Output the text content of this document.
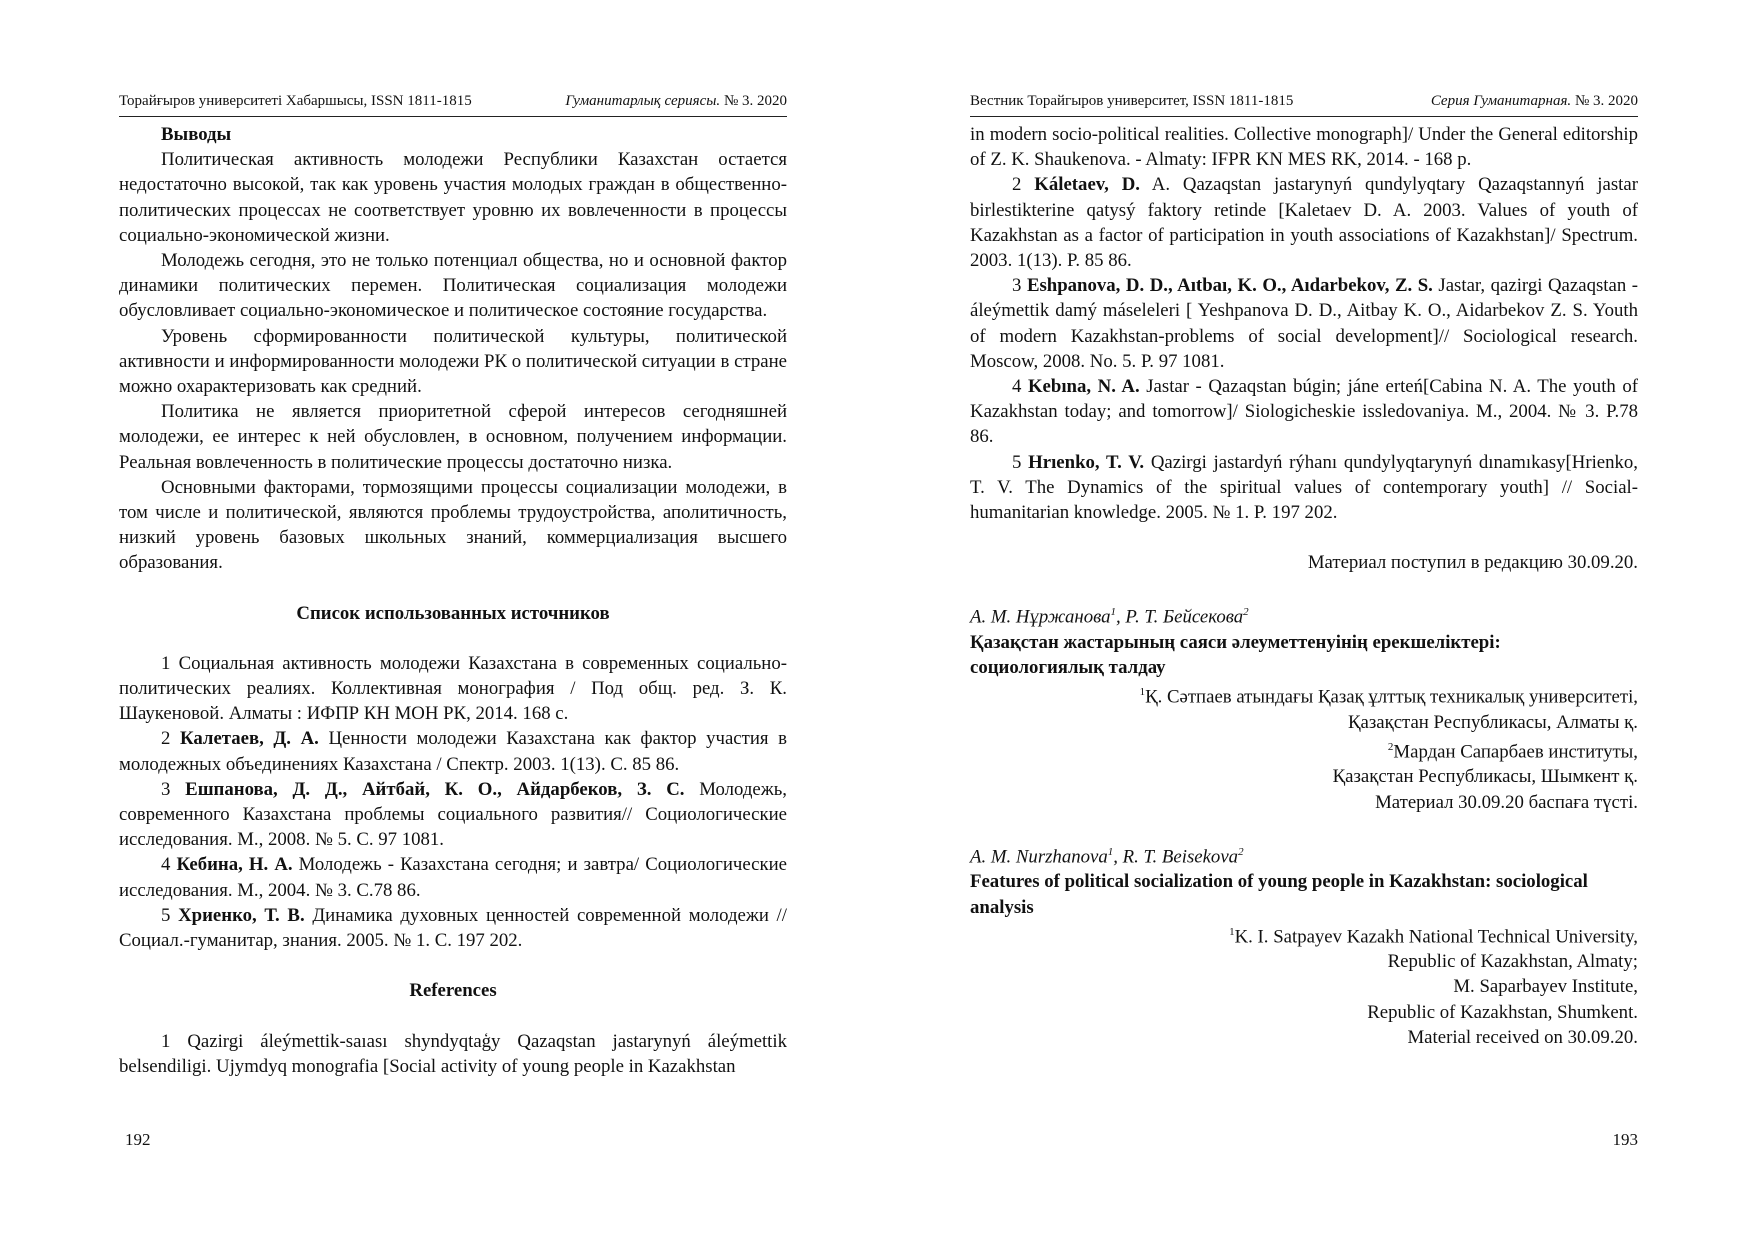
Торайғыров университеті Хабаршысы, ISSN 1811-1815	Гуманитарлық сериясы. № 3. 2020

Выводы

Политическая активность молодежи Республики Казахстан остается недостаточно высокой, так как уровень участия молодых граждан в общественно-политических процессах не соответствует уровню их вовлеченности в процессы социально-экономической жизни.

Молодежь сегодня, это не только потенциал общества, но и основной фактор динамики политических перемен. Политическая социализация молодежи обусловливает социально-экономическое и политическое состояние государства.

Уровень сформированности политической культуры, политической активности и информированности молодежи РК о политической ситуации в стране можно охарактеризовать как средний.

Политика не является приоритетной сферой интересов сегодняшней молодежи, ее интерес к ней обусловлен, в основном, получением информации. Реальная вовлеченность в политические процессы достаточно низка.

Основными факторами, тормозящими процессы социализации молодежи, в том числе и политической, являются проблемы трудоустройства, аполитичность, низкий уровень базовых школьных знаний, коммерциализация высшего образования.

Список использованных источников

1 Социальная активность молодежи Казахстана в современных социально-политических реалиях. Коллективная монография / Под общ. ред. З. К. Шаукеновой. Алматы : ИФПР КН МОН РК, 2014. 168 с.

2 Калетаев, Д. А. Ценности молодежи Казахстана как фактор участия в молодежных объединениях Казахстана / Спектр. 2003. 1(13). С. 85 86.

3 Ешпанова, Д. Д., Айтбай, К. О., Айдарбеков, З. С. Молодежь, современного Казахстана проблемы социального развития// Социологические исследования. М., 2008. № 5. С. 97 1081.

4 Кебина, Н. А. Молодежь - Казахстана сегодня; и завтра/ Социологические исследования. М., 2004. № 3. С.78 86.

5 Хриенко, Т. В. Динамика духовных ценностей современной молодежи // Социал.-гуманитар, знания. 2005. № 1. С. 197 202.

References

1 Qazirgi áleýmettik-saıası shyndyqtaģy Qazaqstan jastarynyń áleýmettik belsendiligi. Ujymdyq monografia [Social activity of young people in Kazakhstan

192
Вестник Торайгыров университет, ISSN 1811-1815	Серия Гуманитарная. № 3. 2020

in modern socio-political realities. Collective monograph]/ Under the General editorship of Z. K. Shaukenova. - Almaty: IFPR KN MES RK, 2014. - 168 p.

2 Káletaev, D. A. Qazaqstan jastarynyń qundylyqtary Qazaqstannyń jastar birlestikterine qatysý faktory retinde [Kaletaev D. A. 2003. Values of youth of Kazakhstan as a factor of participation in youth associations of Kazakhstan]/ Spectrum. 2003. 1(13). P. 85 86.

3 Eshpanova, D. D., Aıtbaı, K. O., Aıdarbekov, Z. S. Jastar, qazirgi Qazaqstan - áleýmettik damý máseleleri [ Yeshpanova D. D., Aitbay K. O., Aidarbekov Z. S. Youth of modern Kazakhstan-problems of social development]// Sociological research. Moscow, 2008. No. 5. P. 97 1081.

4 Kebına, N. A. Jastar - Qazaqstan búgin; jáne erteń[Cabina N. A. The youth of Kazakhstan today; and tomorrow]/ Siologicheskie issledovaniya. M., 2004. № 3. P.78 86.

5 Hrıenko, T. V. Qazirgi jastardyń rýhanı qundylyqtarynyń dınamıkasy[Hrienko, T. V. The Dynamics of the spiritual values of contemporary youth] // Social-humanitarian knowledge. 2005. № 1. P. 197 202.

Материал поступил в редакцию 30.09.20.

А. М. Нұржанова$^1$, Р. Т. Бейсекова$^2$

Қазақстан жастарының саяси әлеуметтенуінің ерекшеліктері: социологиялық талдау

$^1$Қ. Сәтпаев атындағы Қазақ ұлттық техникалық университеті,

Қазақстан Республикасы, Алматы қ.

$^2$Мардан Сапарбаев институты,

Қазақстан Республикасы, Шымкент қ.

Материал 30.09.20 баспаға түсті.

A. M. Nurzhanova$^1$, R. T. Beisekova$^2$

Features of political socialization of young people in Kazakhstan: sociological analysis

$^1$K. I. Satpayev Kazakh National Technical University,

Republic of Kazakhstan, Almaty;

M. Saparbayev Institute,

Republic of Kazakhstan, Shumkent.

Material received on 30.09.20.

193
